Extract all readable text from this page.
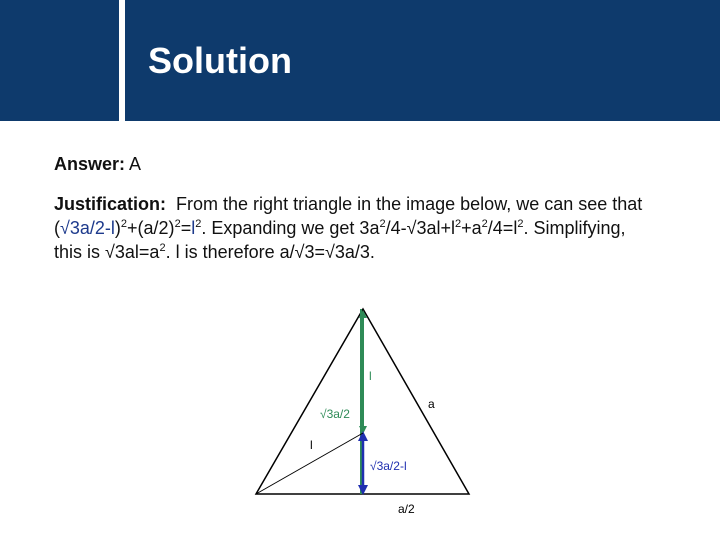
Solution
Answer: A
Justification: From the right triangle in the image below, we can see that $(√3a/2-l)^2+(a/2)^2=l^2$. Expanding we get $3a^2/4-√3al+l^2+a^2/4=l^2$. Simplifying, this is $√3al=a^2$. l is therefore a/√3=√3a/3.
l
a
√3a/2
l
√3a/2-l
a/2
